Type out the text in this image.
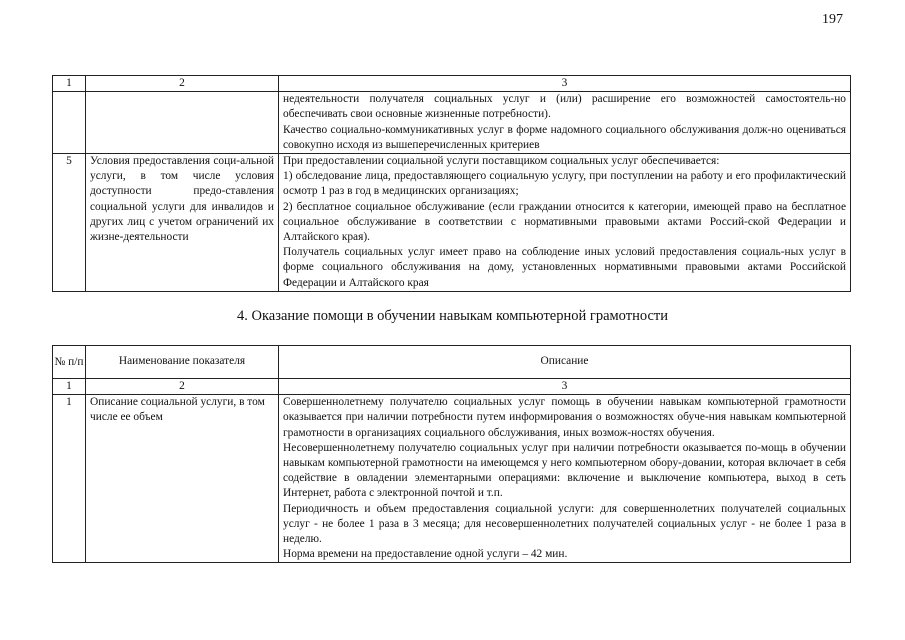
197
1	2	3

		недеятельности получателя социальных услуг и (или) расширение его возможностей самостоятель-но обеспечивать свои основные жизненные потребности).

Качество социально-коммуникативных услуг в форме надомного социального обслуживания долж-но оцениваться совокупно исходя из вышеперечисленных критериев

5	Условия предоставления соци-альной услуги, в том числе условия доступности предо-ставления социальной услуги для инвалидов и других лиц с учетом ограничений их жизне-деятельности	При предоставлении социальной услуги поставщиком социальных услуг обеспечивается:

1) обследование лица, предоставляющего социальную услугу, при поступлении на работу и его профилактический осмотр 1 раз в год в медицинских организациях;

2) бесплатное социальное обслуживание (если граждании относится к категории, имеющей право на бесплатное социальное обслуживание в соответствии с нормативными правовыми актами Россий-ской Федерации и Алтайского края).

Получатель социальных услуг имеет право на соблюдение иных условий предоставления социаль-ных услуг в форме социального обслуживания на дому, установленных нормативными правовыми актами Российской Федерации и Алтайского края

4. Оказание помощи в обучении навыкам компьютерной грамотности
№ п/п	Наименование показателя	Описание
1	2	3
1	Описание социальной услуги, в том числе ее объем	Совершеннолетнему получателю социальных услуг помощь в обучении навыкам компьютерной грамотности оказывается при наличии потребности путем информирования о возможностях обуче-ния навыкам компьютерной грамотности в организациях социального обслуживания, иных возмож-ностях обучения.

Несовершеннолетнему получателю социальных услуг при наличии потребности оказывается по-мощь в обучении навыкам компьютерной грамотности на имеющемся у него компьютерном обору-довании, которая включает в себя содействие в овладении элементарными операциями: включение и выключение компьютера, выход в сеть Интернет, работа с электронной почтой и т.п.

Периодичность и объем предоставления социальной услуги: для совершеннолетних получателей социальных услуг - не более 1 раза в 3 месяца; для несовершеннолетних получателей социальных услуг - не более 1 раза в неделю.

Норма времени на предоставление одной услуги – 42 мин.
